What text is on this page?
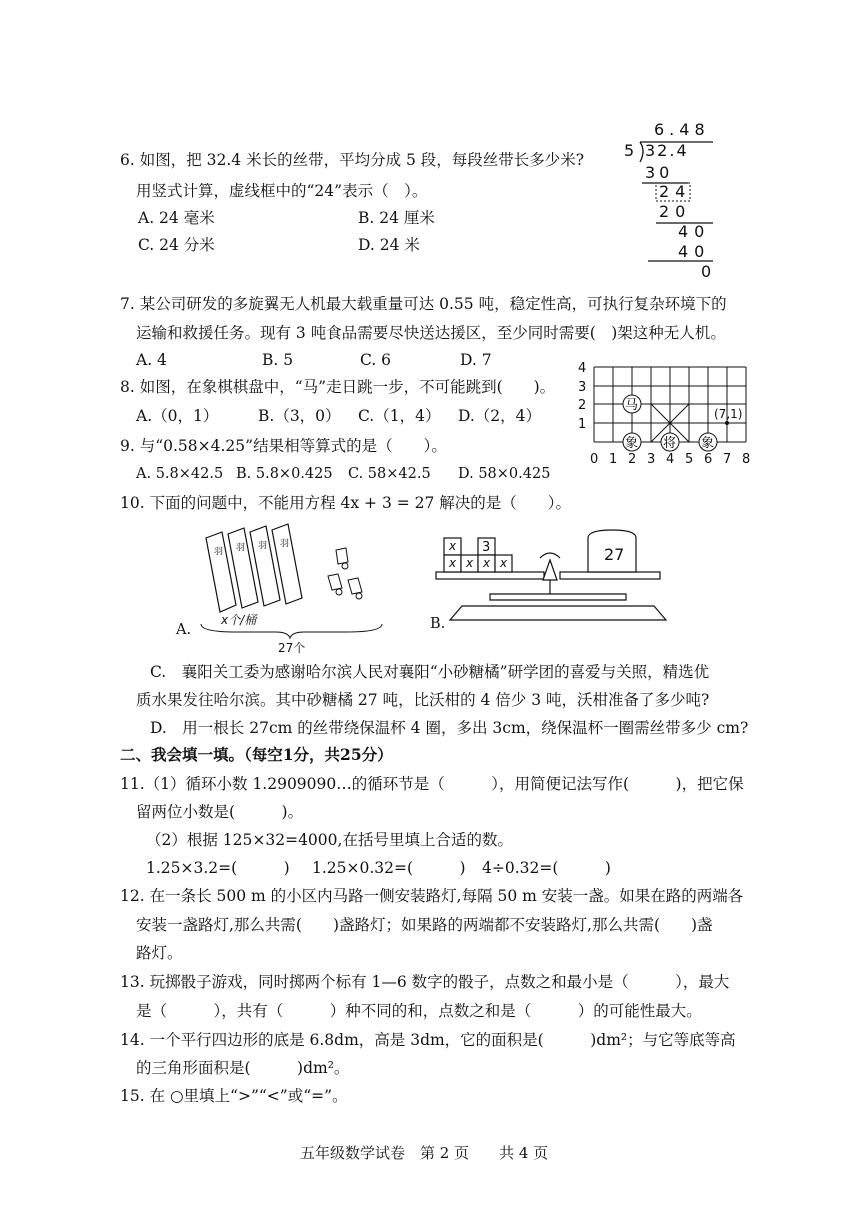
6. 如图，把 32.4 米长的丝带，平均分成 5 段，每段丝带长多少米?
用竖式计算，虚线框中的“24”表示（　）。
A. 24 毫米	B. 24 厘米
C. 24 分米	D. 24 米
6.48
5 32.4
30
24
20
40
40
0
7. 某公司研发的多旋翼无人机最大载重量可达 0.55 吨，稳定性高，可执行复杂环境下的
运输和救援任务。现有 3 吨食品需要尽快送达援区，至少同时需要(　)架这种无人机。
A. 4	B. 5	C. 6	D. 7
8. 如图，在象棋棋盘中，“马”走日跳一步，不可能跳到(　　)。
A.（0，1）	B.（3，0） C.（1，4） D.（2，4）
4
3
2
1
0 1 2 3 4 5 6 7 8
马
象 将 象
(7,1)
9. 与“0.58×4.25”结果相等算式的是（　　）。
A. 5.8×42.5 B. 5.8×0.425 C. 58×42.5 D. 58×0.425
10. 下面的问题中，不能用方程 4x + 3 = 27 解决的是（　　）。
羽 羽 羽 羽
x个/桶
27个
A.
x
x x x x
3	27
B.
C.　襄阳关工委为感谢哈尔滨人民对襄阳“小砂糖橘”研学团的喜爱与关照，精选优
质水果发往哈尔滨。其中砂糖橘 27 吨，比沃柑的 4 倍少 3 吨，沃柑准备了多少吨?
D.　用一根长 27cm 的丝带绕保温杯 4 圈，多出 3cm，绕保温杯一圈需丝带多少 cm?
二、我会填一填。（每空1分，共25分）
11.（1）循环小数 1.2909090…的循环节是（　　　），用简便记法写作(　　　)，把它保
留两位小数是(　　　)。
（2）根据 125×32=4000,在括号里填上合适的数。
1.25×3.2=(　　　) 1.25×0.32=(　　　) 4÷0.32=(　　　)
12. 在一条长 500 m 的小区内马路一侧安装路灯,每隔 50 m 安装一盏。如果在路的两端各
安装一盏路灯,那么共需(　　)盏路灯；如果路的两端都不安装路灯,那么共需(　　)盏
路灯。
13. 玩掷骰子游戏，同时掷两个标有 1—6 数字的骰子，点数之和最小是（　　　），最大
是（　　　），共有（　　　）种不同的和，点数之和是（　　　）的可能性最大。
14. 一个平行四边形的底是 6.8dm，高是 3dm，它的面积是(　　　)dm²；与它等底等高
的三角形面积是(　　　)dm²。
15. 在 ○里填上“>”“<”或“=”。
五年级数学试卷　第 2 页　　共 4 页
